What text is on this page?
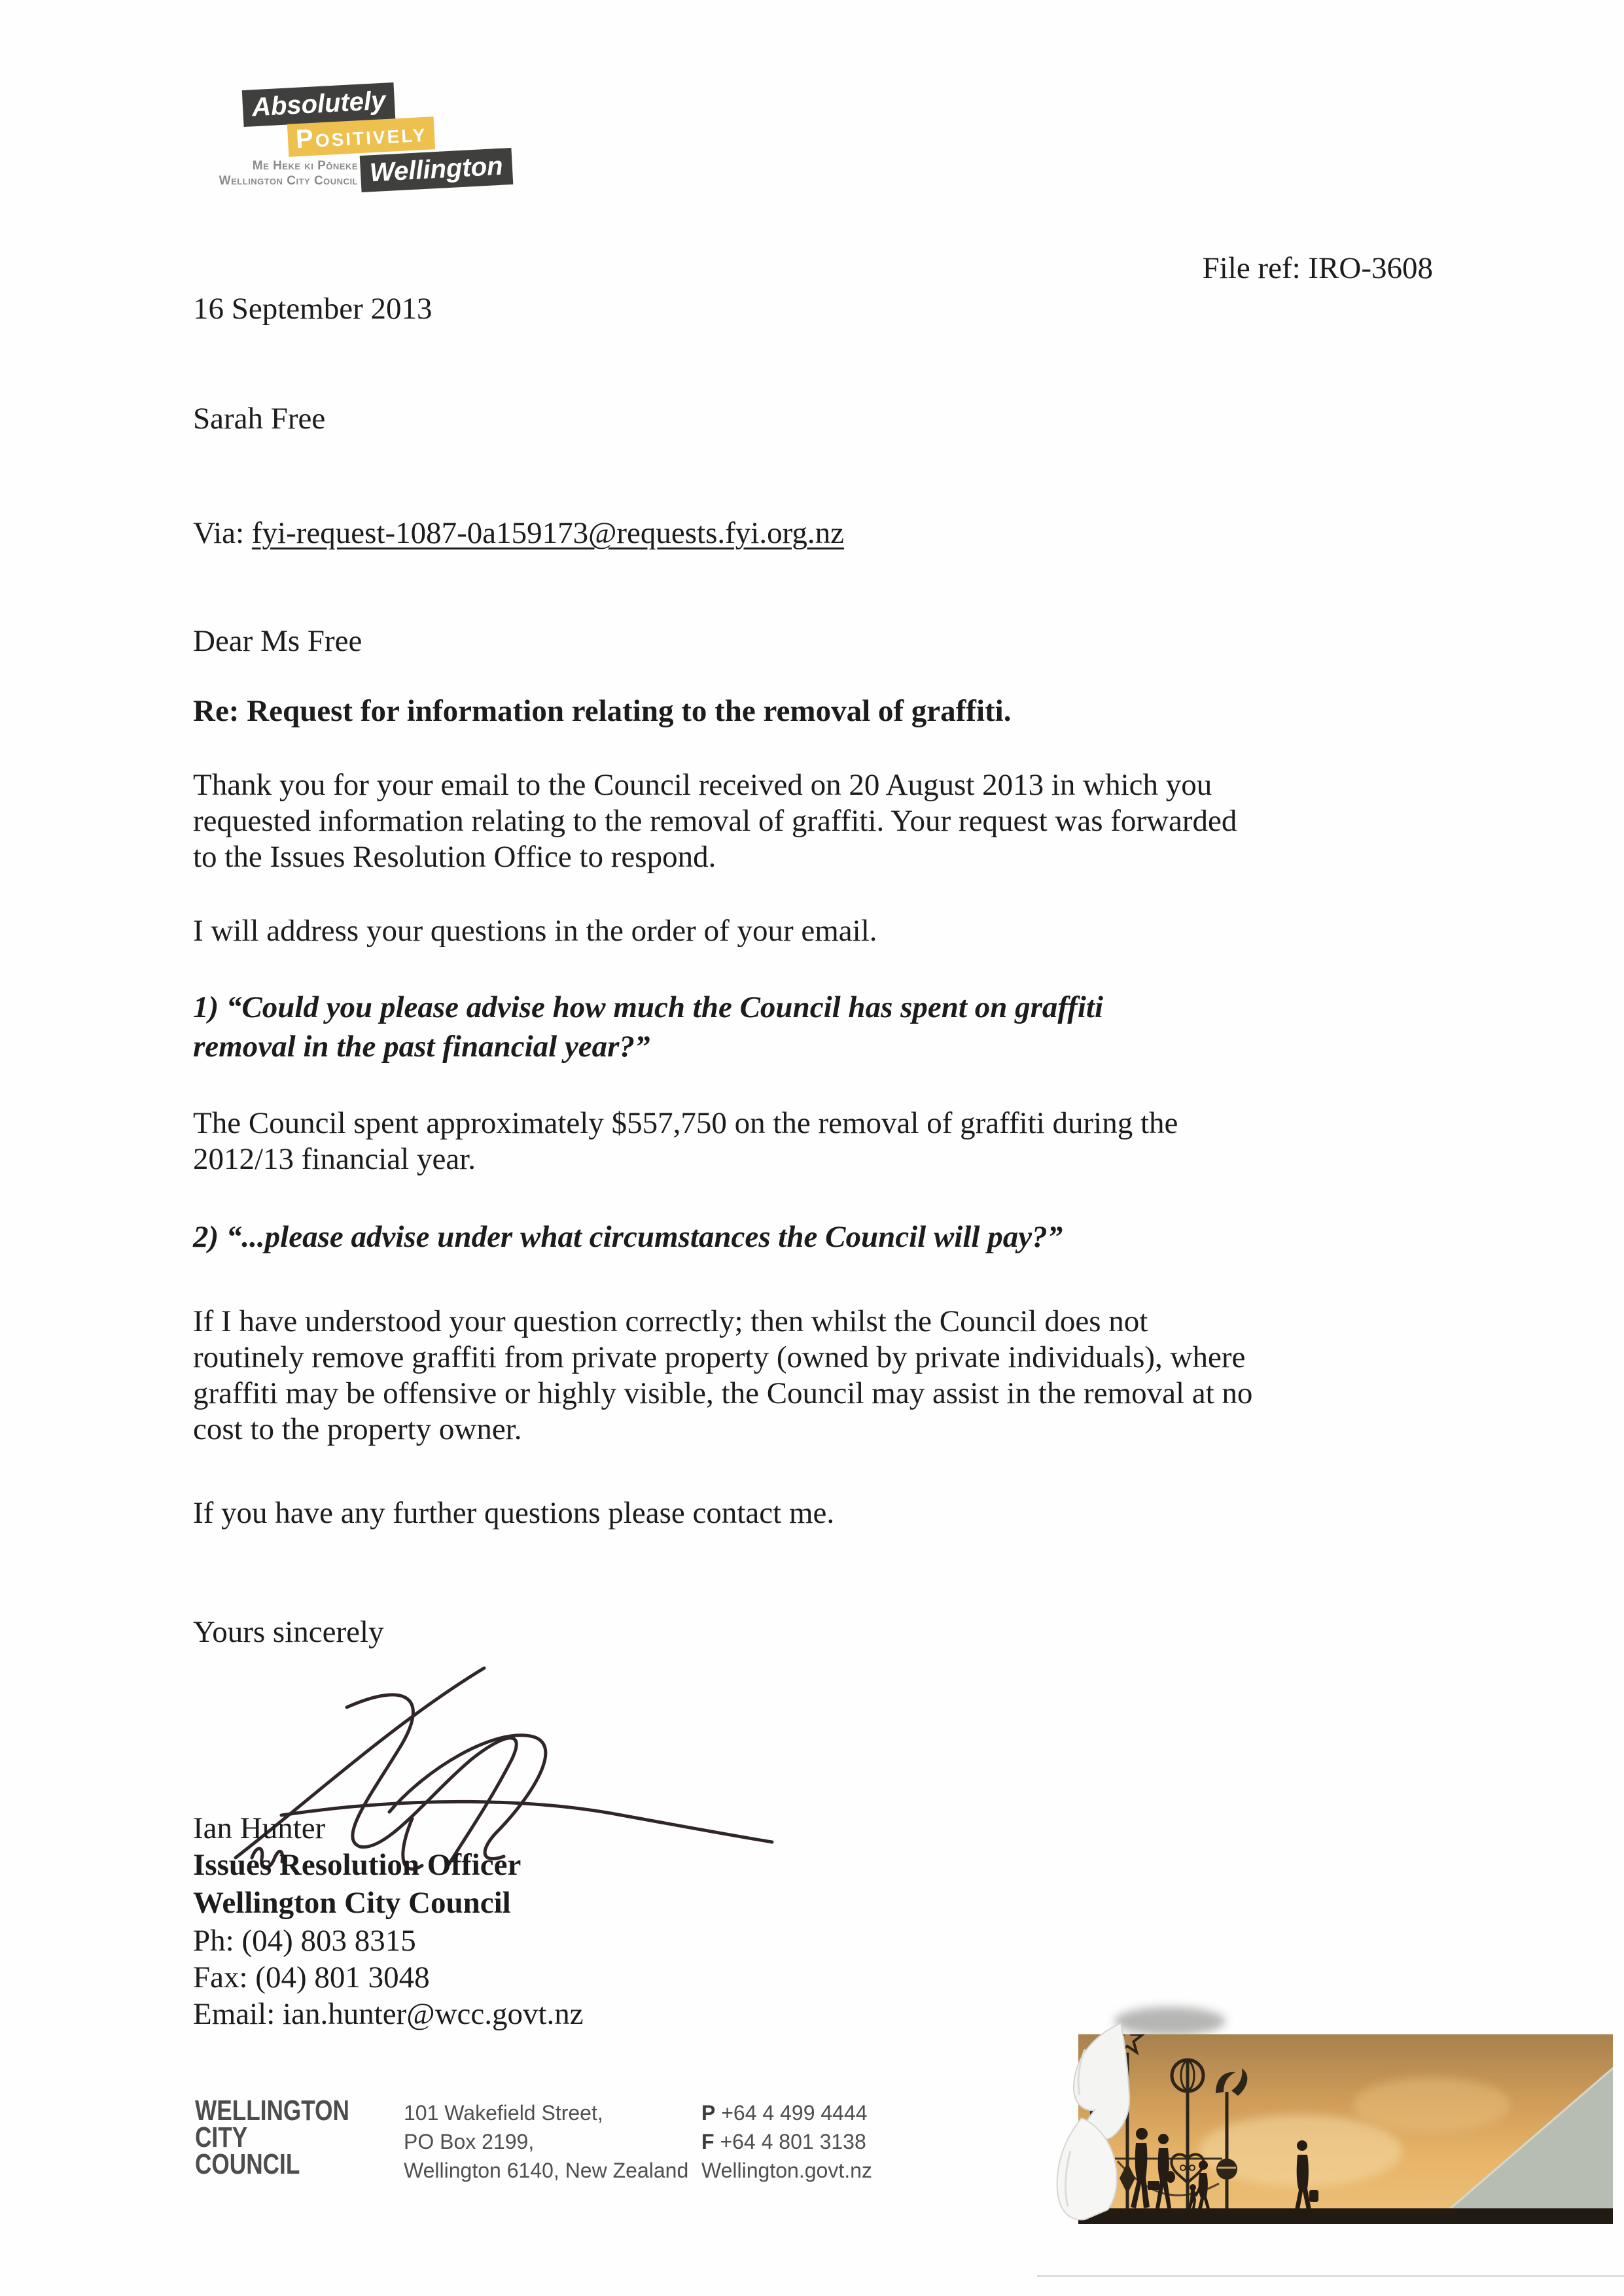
Me Heke ki Pōneke
Wellington City Council
Absolutely
Positively
Wellington
File ref: IRO-3608
16 September 2013
Sarah Free
Via: fyi-request-1087-0a159173@requests.fyi.org.nz
Dear Ms Free
Re: Request for information relating to the removal of graffiti.
Thank you for your email to the Council received on 20 August 2013 in which you
requested information relating to the removal of graffiti. Your request was forwarded
to the Issues Resolution Office to respond.
I will address your questions in the order of your email.
1) “Could you please advise how much the Council has spent on graffiti
removal in the past financial year?”
The Council spent approximately $557,750 on the removal of graffiti during the
2012/13 financial year.
2) “...please advise under what circumstances the Council will pay?”
If I have understood your question correctly; then whilst the Council does not
routinely remove graffiti from private property (owned by private individuals), where
graffiti may be offensive or highly visible, the Council may assist in the removal at no
cost to the property owner.
If you have any further questions please contact me.
Yours sincerely
Ian Hunter
Issues Resolution Officer
Wellington City Council
Ph: (04) 803 8315
Fax: (04) 801 3048
Email: ian.hunter@wcc.govt.nz
WELLINGTON
CITY
COUNCIL
101 Wakefield Street,
PO Box 2199,
Wellington 6140, New Zealand
P +64 4 499 4444
F +64 4 801 3138
Wellington.govt.nz
